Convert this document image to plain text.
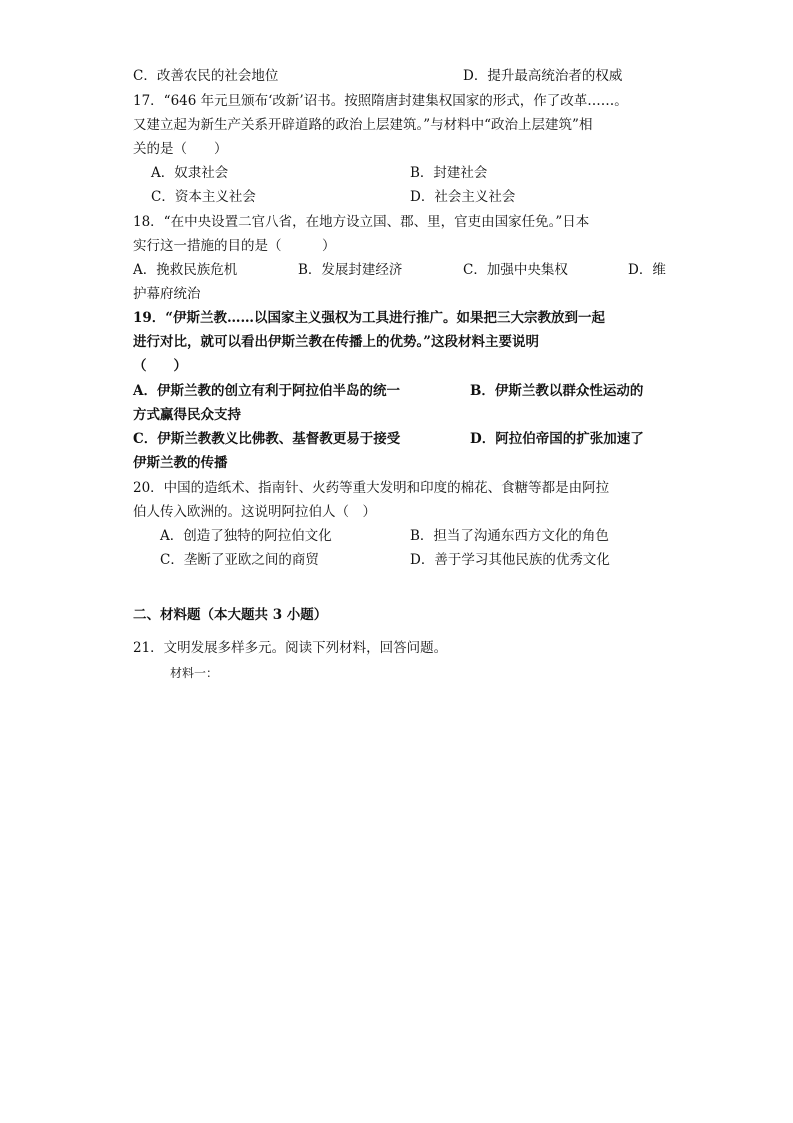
C．改善农民的社会地位	D．提升最高统治者的权威
17．“646 年元旦颁布‘改新’诏书。按照隋唐封建集权国家的形式，作了改革……。
又建立起为新生产关系开辟道路的政治上层建筑。”与材料中“政治上层建筑”相
关的是（　　）
A．奴隶社会	B．封建社会
C．资本主义社会	D．社会主义社会
18．“在中央设置二官八省，在地方设立国、郡、里，官吏由国家任免。”日本
实行这一措施的目的是（　　　）
A．挽救民族危机	B．发展封建经济	C．加强中央集权	D．维
护幕府统治
19．“伊斯兰教……以国家主义强权为工具进行推广。如果把三大宗教放到一起
进行对比，就可以看出伊斯兰教在传播上的优势。”这段材料主要说明
（　　）
A．伊斯兰教的创立有利于阿拉伯半岛的统一	B．伊斯兰教以群众性运动的
方式赢得民众支持
C．伊斯兰教教义比佛教、基督教更易于接受	D．阿拉伯帝国的扩张加速了
伊斯兰教的传播
20．中国的造纸术、指南针、火药等重大发明和印度的棉花、食糖等都是由阿拉
伯人传入欧洲的。这说明阿拉伯人（　）
A．创造了独特的阿拉伯文化	B．担当了沟通东西方文化的角色
C．垄断了亚欧之间的商贸	D．善于学习其他民族的优秀文化
二、材料题（本大题共 3 小题）
21．文明发展多样多元。阅读下列材料，回答问题。
材料一：
